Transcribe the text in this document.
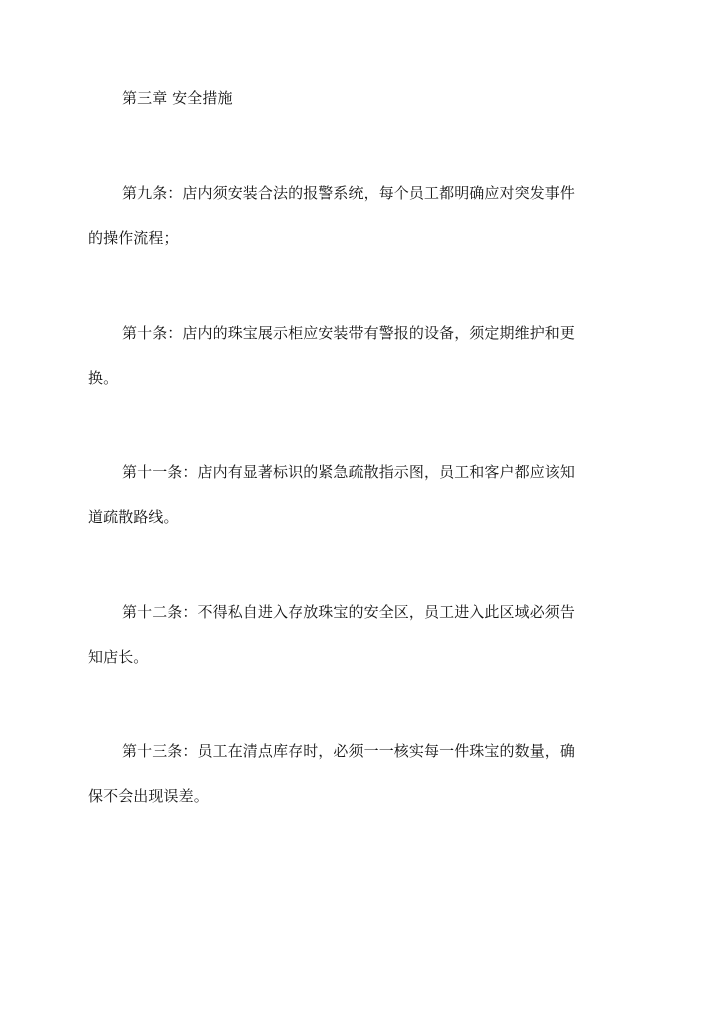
第三章 安全措施
第九条：店内须安装合法的报警系统，每个员工都明确应对突发事件
的操作流程；
第十条：店内的珠宝展示柜应安装带有警报的设备，须定期维护和更
换。
第十一条：店内有显著标识的紧急疏散指示图，员工和客户都应该知
道疏散路线。
第十二条：不得私自进入存放珠宝的安全区，员工进入此区域必须告
知店长。
第十三条：员工在清点库存时，必须一一核实每一件珠宝的数量，确
保不会出现误差。
